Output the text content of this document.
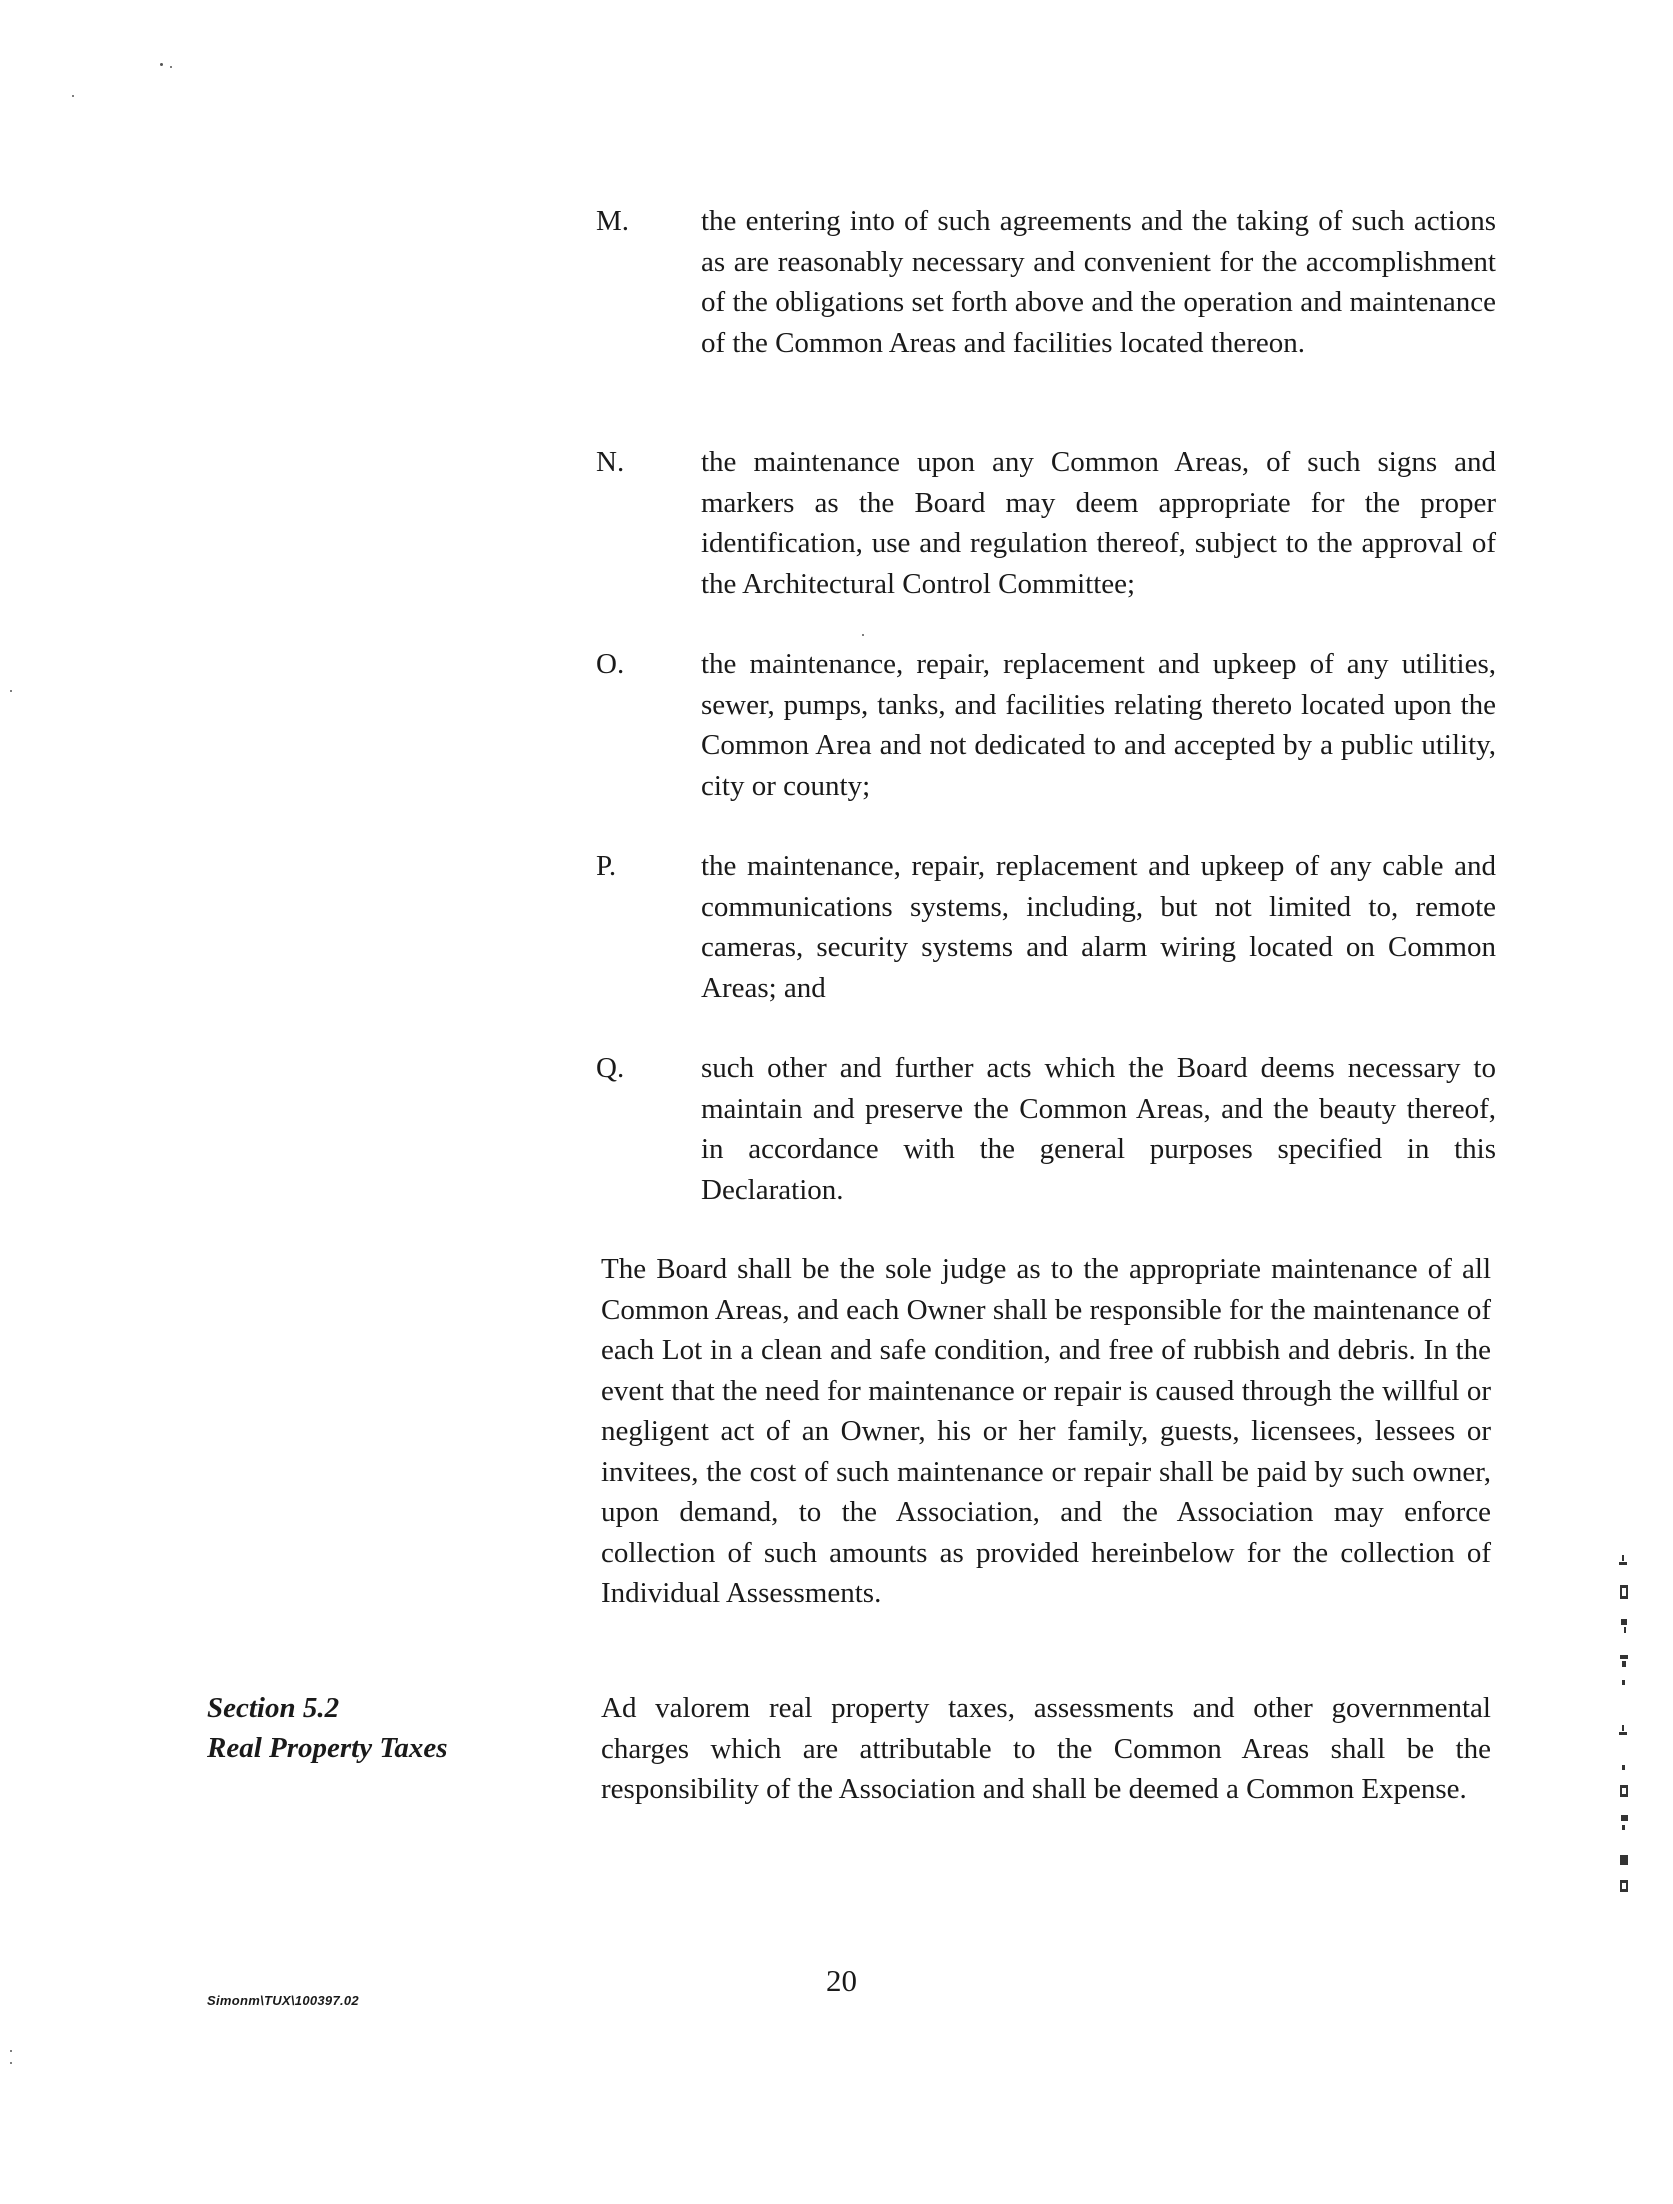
M. the entering into of such agreements and the taking of such actions as are reasonably necessary and convenient for the accomplishment of the obligations set forth above and the operation and maintenance of the Common Areas and facilities located thereon.
N.	the maintenance upon any Common Areas, of such signs and markers as the Board may deem appropriate for the proper identification, use and regulation thereof, subject to the approval of the Architectural Control Committee;
O.	the maintenance, repair, replacement and upkeep of any utilities, sewer, pumps, tanks, and facilities relating thereto located upon the Common Area and not dedicated to and accepted by a public utility, city or county;
P.	the maintenance, repair, replacement and upkeep of any cable and communications systems, including, but not limited to, remote cameras, security systems and alarm wiring located on Common Areas; and
Q.	such other and further acts which the Board deems necessary to maintain and preserve the Common Areas, and the beauty thereof, in accordance with the general purposes specified in this Declaration.
The Board shall be the sole judge as to the appropriate maintenance of all Common Areas, and each Owner shall be responsible for the maintenance of each Lot in a clean and safe condition, and free of rubbish and debris. In the event that the need for maintenance or repair is caused through the willful or negligent act of an Owner, his or her family, guests, licensees, lessees or invitees, the cost of such maintenance or repair shall be paid by such owner, upon demand, to the Association, and the Association may enforce collection of such amounts as provided hereinbelow for the collection of Individual Assessments.
Section 5.2
Real Property Taxes
Ad valorem real property taxes, assessments and other governmental charges which are attributable to the Common Areas shall be the responsibility of the Association and shall be deemed a Common Expense.
Simonm\TUX\100397.02
20
